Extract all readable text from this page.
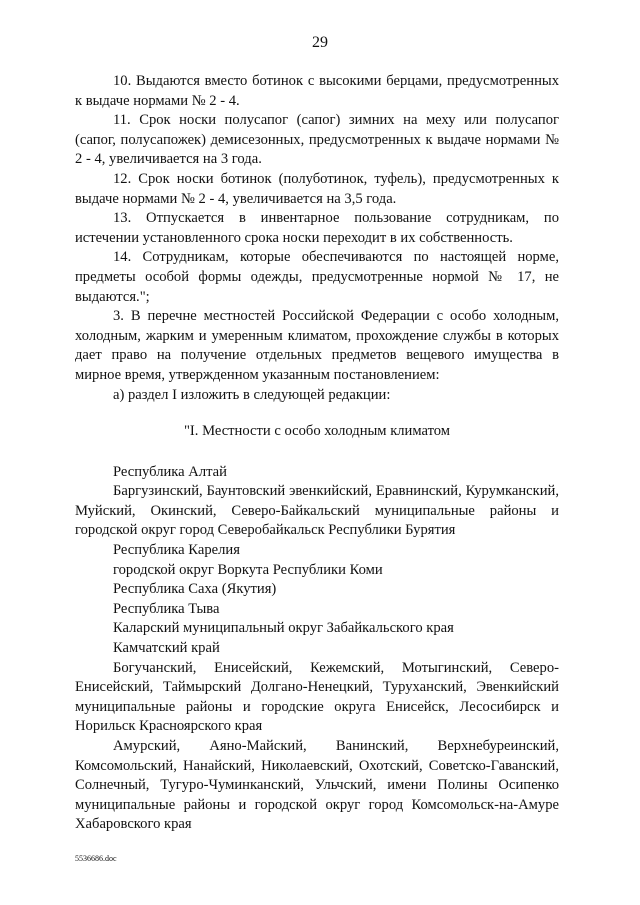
29

10. Выдаются вместо ботинок с высокими берцами, предусмотренных к выдаче нормами № 2 - 4.

11. Срок носки полусапог (сапог) зимних на меху или полусапог (сапог, полусапожек) демисезонных, предусмотренных к выдаче нормами № 2 - 4, увеличивается на 3 года.

12. Срок носки ботинок (полуботинок, туфель), предусмотренных к выдаче нормами № 2 - 4, увеличивается на 3,5 года.

13. Отпускается в инвентарное пользование сотрудникам, по истечении установленного срока носки переходит в их собственность.

14. Сотрудникам, которые обеспечиваются по настоящей норме, предметы особой формы одежды, предусмотренные нормой № 17, не выдаются.";

3. В перечне местностей Российской Федерации с особо холодным, холодным, жарким и умеренным климатом, прохождение службы в которых дает право на получение отдельных предметов вещевого имущества в мирное время, утвержденном указанным постановлением:

а) раздел I изложить в следующей редакции:

"I. Местности с особо холодным климатом

Республика Алтай

Баргузинский, Баунтовский эвенкийский, Еравнинский, Курумканский, Муйский, Окинский, Северо-Байкальский муниципальные районы и городской округ город Северобайкальск Республики Бурятия

Республика Карелия

городской округ Воркута Республики Коми

Республика Саха (Якутия)

Республика Тыва

Каларский муниципальный округ Забайкальского края

Камчатский край

Богучанский, Енисейский, Кежемский, Мотыгинский, Северо-Енисейский, Таймырский Долгано-Ненецкий, Туруханский, Эвенкийский муниципальные районы и городские округа Енисейск, Лесосибирск и Норильск Красноярского края

Амурский, Аяно-Майский, Ванинский, Верхнебуреинский, Комсомольский, Нанайский, Николаевский, Охотский, Советско-Гаванский, Солнечный, Тугуро-Чуминканский, Ульчский, имени Полины Осипенко муниципальные районы и городской округ город Комсомольск-на-Амуре Хабаровского края

5536686.doc
